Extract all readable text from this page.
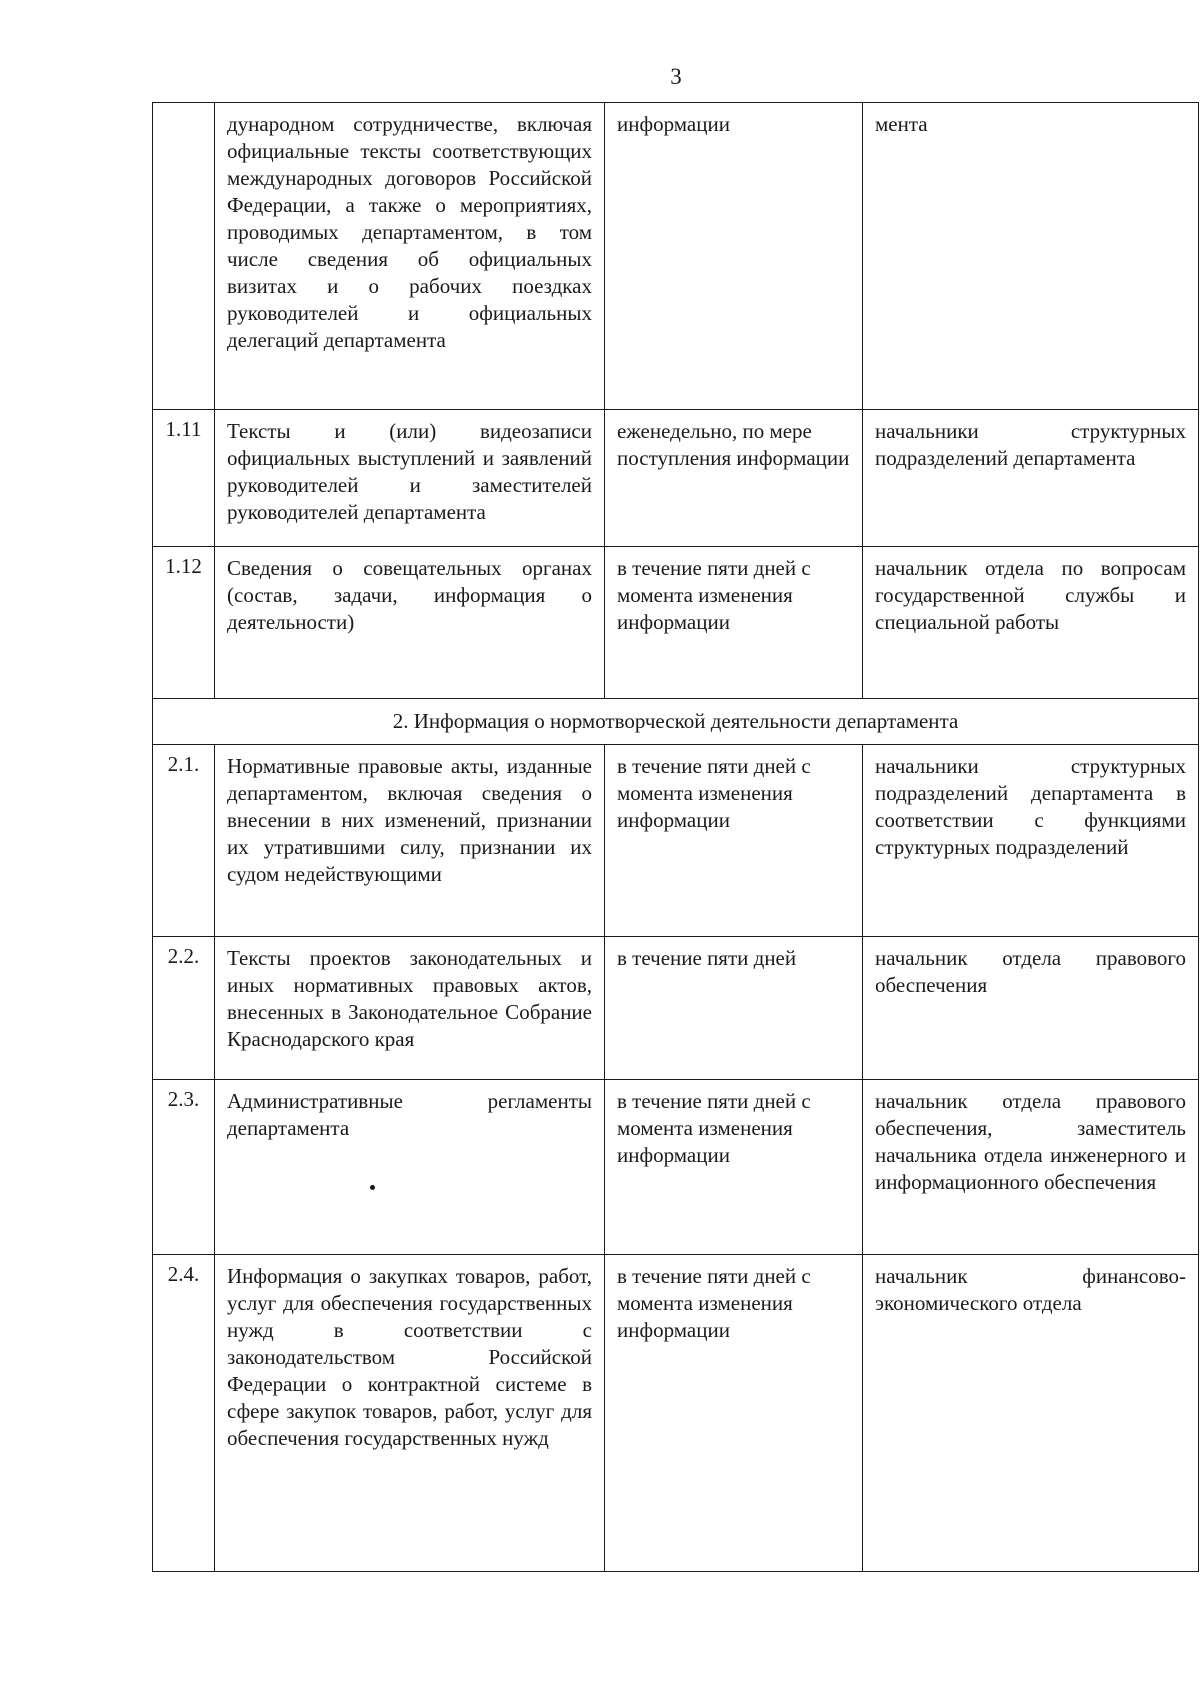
3
	дународном сотрудничестве, включая официальные тексты соответствующих международных договоров Российской Федерации, а также о мероприятиях, проводимых департаментом, в том числе сведения об официальных визитах и о рабочих поездках руководителей и официальных делегаций департамента	информации	мента
1.11	Тексты и (или) видеозаписи официальных выступлений и заявлений руководителей и заместителей руководителей департамента	еженедельно, по мере поступления информации	начальники структурных подразделений департамента
1.12	Сведения о совещательных органах (состав, задачи, информация о деятельности)	в течение пяти дней с момента изменения информации	начальник отдела по вопросам государственной службы и специальной работы
2. Информация о нормотворческой деятельности департамента			
2.1.	Нормативные правовые акты, изданные департаментом, включая сведения о внесении в них изменений, признании их утратившими силу, признании их судом недействующими	в течение пяти дней с момента изменения информации	начальники структурных подразделений департамента в соответствии с функциями структурных подразделений
2.2.	Тексты проектов законодательных и иных нормативных правовых актов, внесенных в Законодательное Собрание Краснодарского края	в течение пяти дней	начальник отдела правового обеспечения
2.3.	Административные регламенты департамента	в течение пяти дней с момента изменения информации	начальник отдела правового обеспечения, заместитель начальника отдела инженерного и информационного обеспечения
2.4.	Информация о закупках товаров, работ, услуг для обеспечения государственных нужд в соответствии с законодательством Российской Федерации о контрактной системе в сфере закупок товаров, работ, услуг для обеспечения государственных нужд	в течение пяти дней с момента изменения информации	начальник финансово-экономического отдела
